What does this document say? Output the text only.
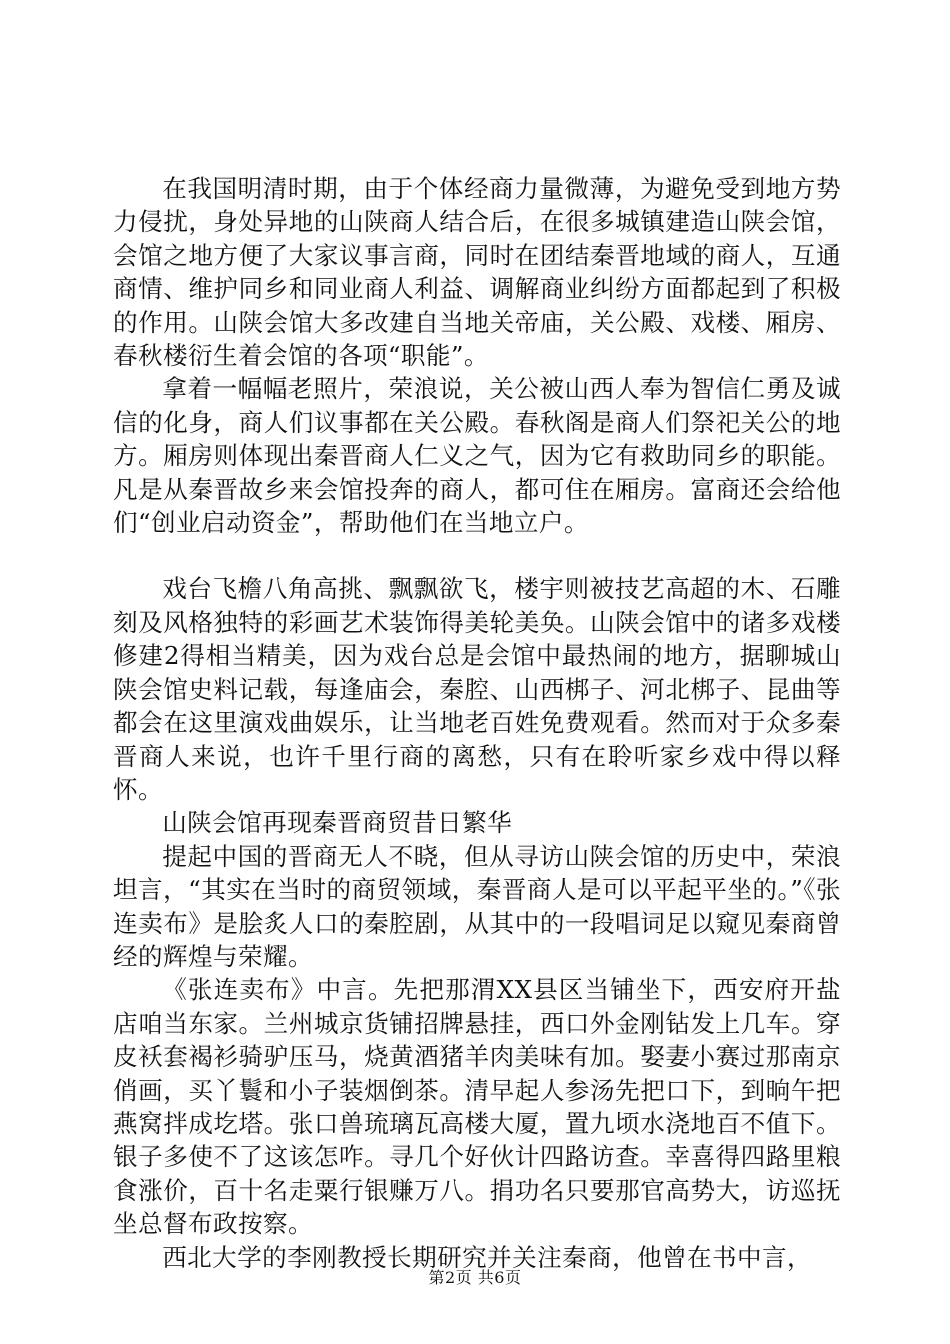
在我国明清时期，由于个体经商力量微薄，为避免受到地方势力侵扰，身处异地的山陕商人结合后，在很多城镇建造山陕会馆，会馆之地方便了大家议事言商，同时在团结秦晋地域的商人，互通商情、维护同乡和同业商人利益、调解商业纠纷方面都起到了积极的作用。山陕会馆大多改建自当地关帝庙，关公殿、戏楼、厢房、春秋楼衍生着会馆的各项“职能”。

拿着一幅幅老照片，荣浪说，关公被山西人奉为智信仁勇及诚信的化身，商人们议事都在关公殿。春秋阁是商人们祭祀关公的地方。厢房则体现出秦晋商人仁义之气，因为它有救助同乡的职能。凡是从秦晋故乡来会馆投奔的商人，都可住在厢房。富商还会给他们“创业启动资金”，帮助他们在当地立户。

戏台飞檐八角高挑、飘飘欲飞，楼宇则被技艺高超的木、石雕刻及风格独特的彩画艺术装饰得美轮美奂。山陕会馆中的诸多戏楼修建2得相当精美，因为戏台总是会馆中最热闹的地方，据聊城山陕会馆史料记载，每逢庙会，秦腔、山西梆子、河北梆子、昆曲等都会在这里演戏曲娱乐，让当地老百姓免费观看。然而对于众多秦晋商人来说，也许千里行商的离愁，只有在聆听家乡戏中得以释怀。

山陕会馆再现秦晋商贸昔日繁华

提起中国的晋商无人不晓，但从寻访山陕会馆的历史中，荣浪坦言，“其实在当时的商贸领域，秦晋商人是可以平起平坐的。”《张连卖布》是脍炙人口的秦腔剧，从其中的一段唱词足以窥见秦商曾经的辉煌与荣耀。

《张连卖布》中言。先把那渭XX县区当铺坐下，西安府开盐店咱当东家。兰州城京货铺招牌悬挂，西口外金刚钻发上几车。穿皮袄套褐衫骑驴压马，烧黄酒猪羊肉美味有加。娶妻小赛过那南京俏画，买丫鬟和小子装烟倒茶。清早起人参汤先把口下，到晌午把燕窝拌成圪塔。张口兽琉璃瓦高楼大厦，置九顷水浇地百不值下。银子多使不了这该怎咋。寻几个好伙计四路访查。幸喜得四路里粮食涨价，百十名走粟行银赚万八。捐功名只要那官高势大，访巡抚坐总督布政按察。

西北大学的李刚教授长期研究并关注秦商，他曾在书中言，

第2页 共6页
